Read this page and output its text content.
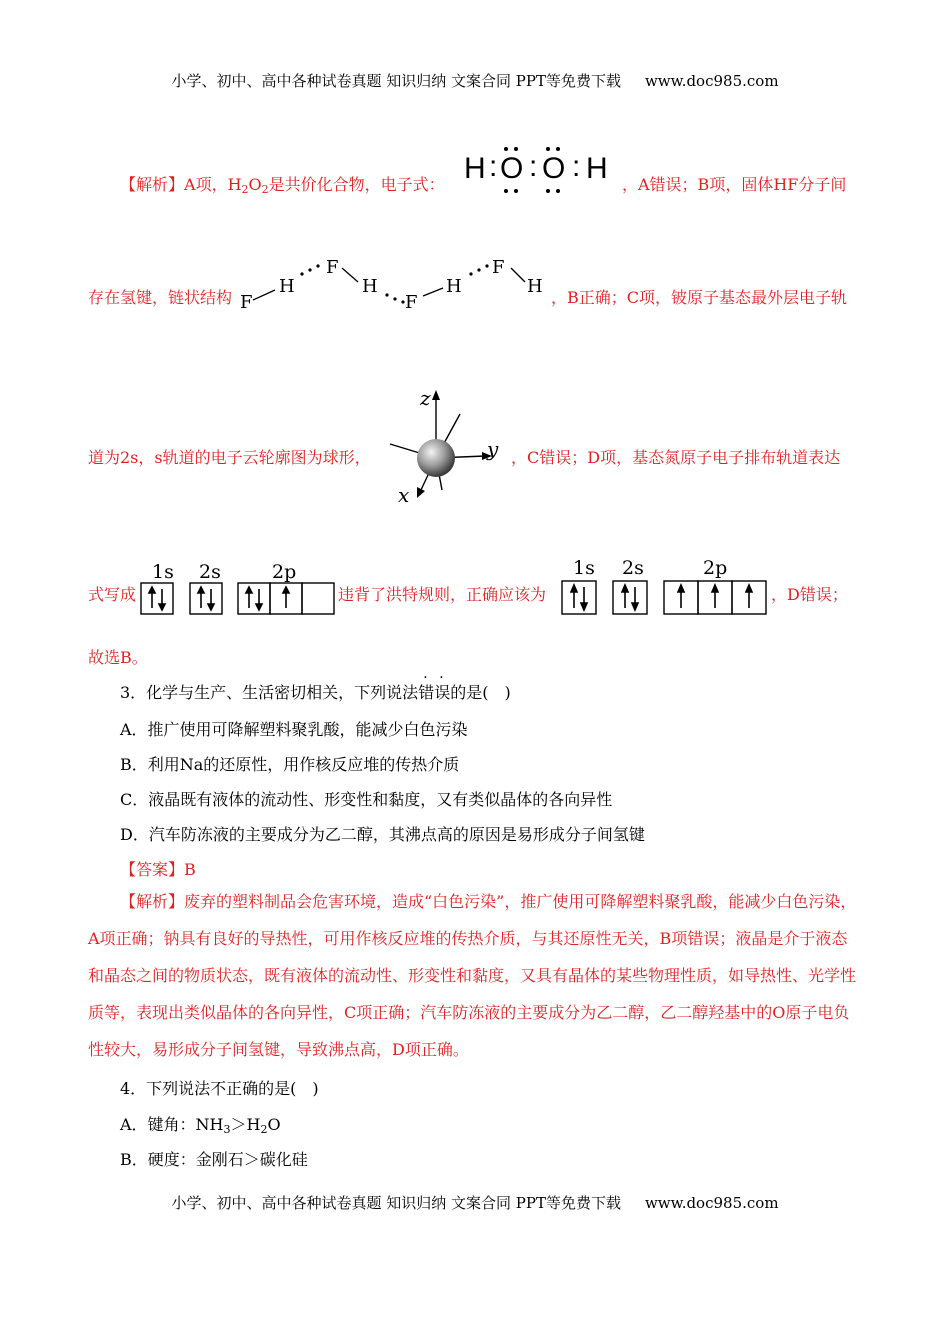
小学、初中、高中各种试卷真题 知识归纳 文案合同 PPT等免费下载 www.doc985.com
【解析】A项，$H_2O_2$是共价化合物，电子式： H : O : O : H ，A错误；B项，固体HF分子间
存在氢键，链状结构 F
H
F
H
F
H
F
H
，B正确；C项，铍原子基态最外层电子轨
道为2s，s轨道的电子云轮廓图为球形，
z
y
x
，C错误；D项，基态氮原子电子排布轨道表达
式写成
1s 2s	2p
违背了洪特规则，正确应该为
1s 2s	2p
，D错误；
故选B。
3．化学与生产、生活密切相关，下列说法错误的是(　)
A．推广使用可降解塑料聚乳酸，能减少白色污染
B．利用Na的还原性，用作核反应堆的传热介质
C．液晶既有液体的流动性、形变性和黏度，又有类似晶体的各向异性
D．汽车防冻液的主要成分为乙二醇，其沸点高的原因是易形成分子间氢键
【答案】B
【解析】废弃的塑料制品会危害环境，造成“白色污染”，推广使用可降解塑料聚乳酸，能减少白色污染，A项正确；钠具有良好的导热性，可用作核反应堆的传热介质，与其还原性无关，B项错误；液晶是介于液态和晶态之间的物质状态，既有液体的流动性、形变性和黏度，又具有晶体的某些物理性质，如导热性、光学性质等，表现出类似晶体的各向异性，C项正确；汽车防冻液的主要成分为乙二醇，乙二醇羟基中的O原子电负性较大，易形成分子间氢键，导致沸点高，D项正确。
4．下列说法不正确的是(　)
A．键角：$NH_3>H_2O$
B．硬度：金刚石＞碳化硅
小学、初中、高中各种试卷真题 知识归纳 文案合同 PPT等免费下载 www.doc985.com
